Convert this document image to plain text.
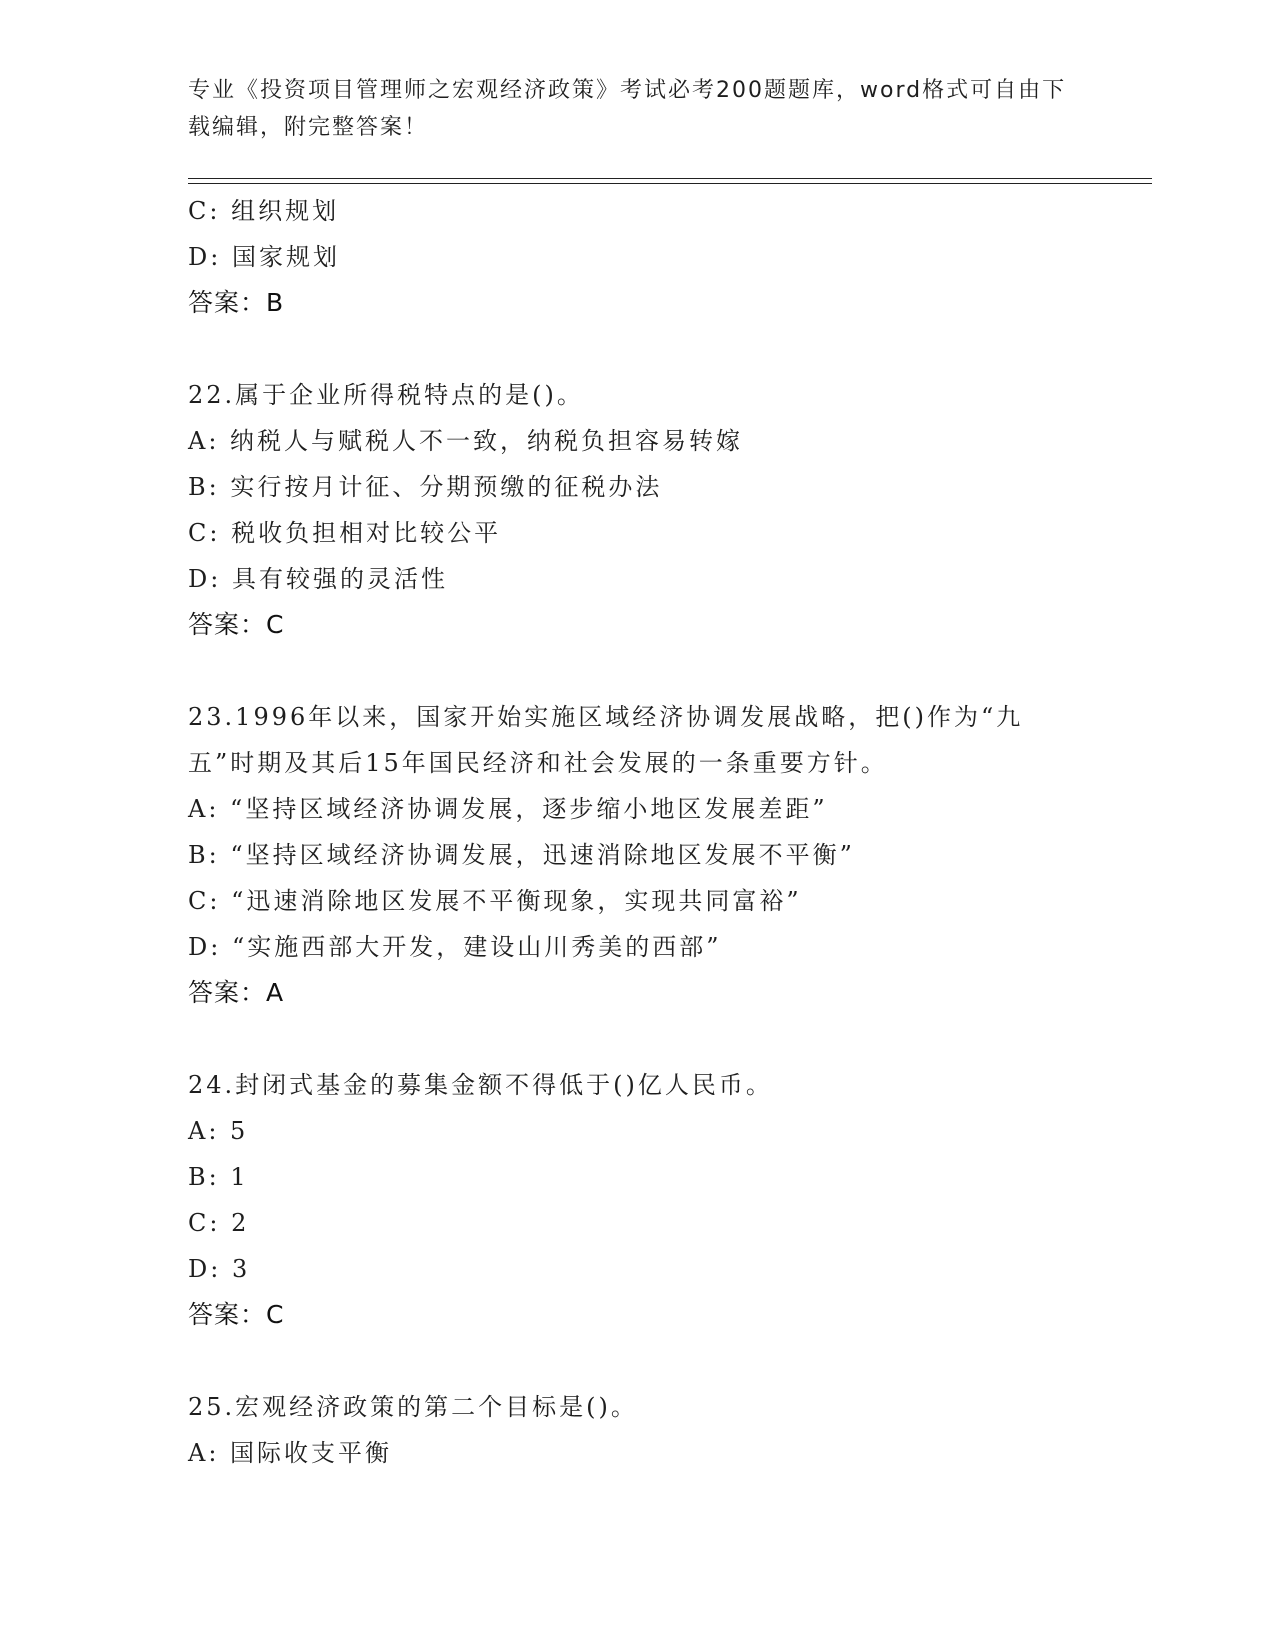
专业《投资项目管理师之宏观经济政策》考试必考200题题库，word格式可自由下载编辑，附完整答案！
C: 组织规划
D: 国家规划
答案：B
22.属于企业所得税特点的是()。
A: 纳税人与赋税人不一致，纳税负担容易转嫁
B: 实行按月计征、分期预缴的征税办法
C: 税收负担相对比较公平
D: 具有较强的灵活性
答案：C
23.1996年以来，国家开始实施区域经济协调发展战略，把()作为“九
五”时期及其后15年国民经济和社会发展的一条重要方针。
A: “坚持区域经济协调发展，逐步缩小地区发展差距”
B: “坚持区域经济协调发展，迅速消除地区发展不平衡”
C: “迅速消除地区发展不平衡现象，实现共同富裕”
D: “实施西部大开发，建设山川秀美的西部”
答案：A
24.封闭式基金的募集金额不得低于()亿人民币。
A: 5
B: 1
C: 2
D: 3
答案：C
25.宏观经济政策的第二个目标是()。
A: 国际收支平衡
